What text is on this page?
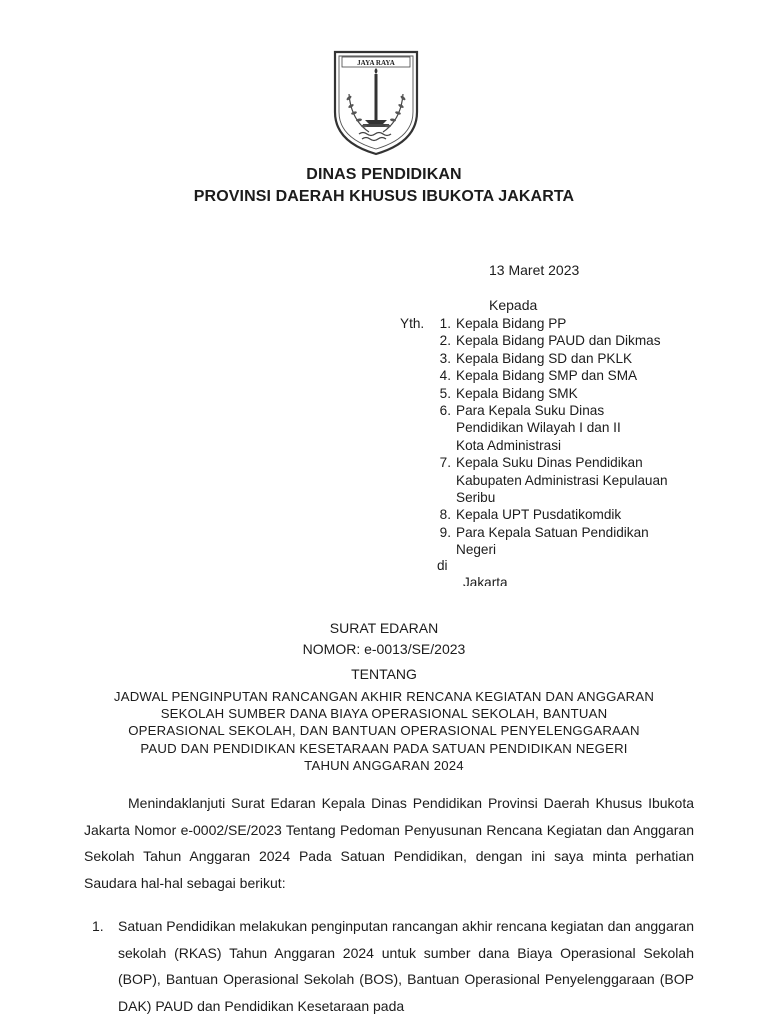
JAYA RAYA
DINAS PENDIDIKAN
PROVINSI DAERAH KHUSUS IBUKOTA JAKARTA
13 Maret 2023
Kepada
Yth.	1. Kepala Bidang PP
2. Kepala Bidang PAUD dan Dikmas
3. Kepala Bidang SD dan PKLK
4. Kepala Bidang SMP dan SMA
5. Kepala Bidang SMK
6. Para Kepala Suku Dinas
Pendidikan Wilayah I dan II
Kota Administrasi
7. Kepala Suku Dinas Pendidikan
Kabupaten Administrasi Kepulauan
Seribu
8. Kepala UPT Pusdatikomdik
9. Para Kepala Satuan Pendidikan
Negeri
di
Jakarta
SURAT EDARAN
NOMOR: e-0013/SE/2023
TENTANG
JADWAL PENGINPUTAN RANCANGAN AKHIR RENCANA KEGIATAN DAN ANGGARAN
SEKOLAH SUMBER DANA BIAYA OPERASIONAL SEKOLAH, BANTUAN
OPERASIONAL SEKOLAH, DAN BANTUAN OPERASIONAL PENYELENGGARAAN
PAUD DAN PENDIDIKAN KESETARAAN PADA SATUAN PENDIDIKAN NEGERI
TAHUN ANGGARAN 2024
Menindaklanjuti Surat Edaran Kepala Dinas Pendidikan Provinsi Daerah Khusus Ibukota Jakarta Nomor e-0002/SE/2023 Tentang Pedoman Penyusunan Rencana Kegiatan dan Anggaran Sekolah Tahun Anggaran 2024 Pada Satuan Pendidikan, dengan ini saya minta perhatian Saudara hal-hal sebagai berikut:
1.	Satuan Pendidikan melakukan penginputan rancangan akhir rencana kegiatan dan anggaran sekolah (RKAS) Tahun Anggaran 2024 untuk sumber dana Biaya Operasional Sekolah (BOP), Bantuan Operasional Sekolah (BOS), Bantuan Operasional Penyelenggaraan (BOP DAK) PAUD dan Pendidikan Kesetaraan pada
